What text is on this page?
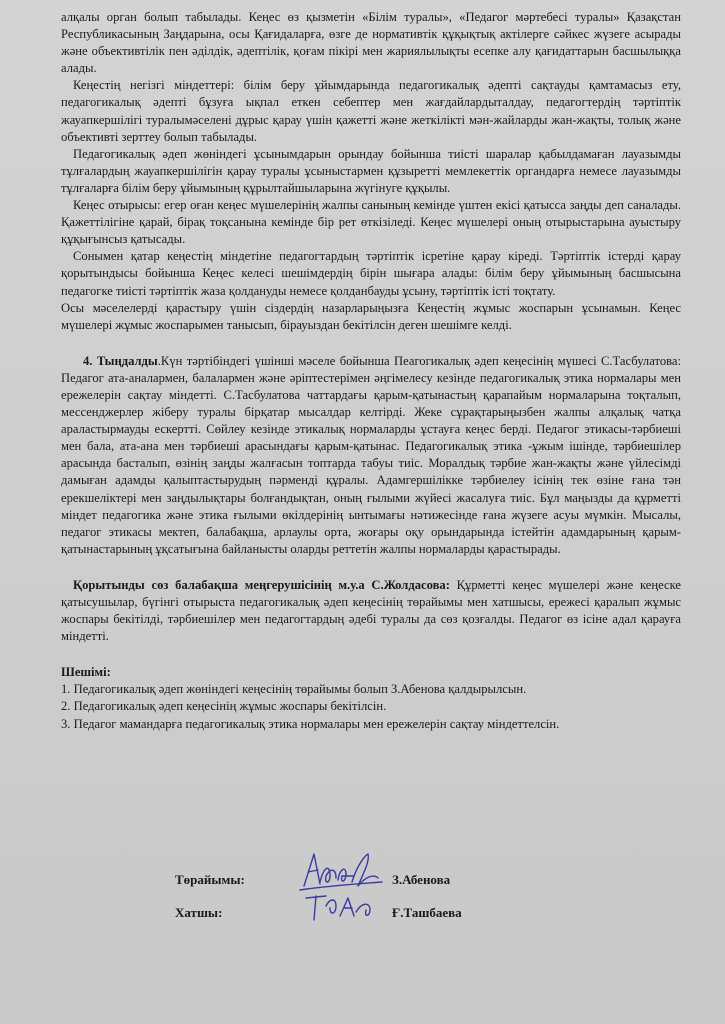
алқалы орган болып табылады. Кеңес өз қызметін «Білім туралы», «Педагог мәртебесі туралы» Қазақстан Республикасының Заңдарына, осы Қағидаларға, өзге де нормативтік құқықтық актілерге сәйкес жүзеге асырады және объективтілік пен әділдік, әдептілік, қоғам пікірі мен жариялылықты есепке алу қағидаттарын басшылыққа алады.

Кеңестің негізгі міндеттері: білім беру ұйымдарында педагогикалық әдепті сақтауды қамтамасыз ету, педагогикалық әдепті бұзуға ықпал еткен себептер мен жағдайлардыталдау, педагогтердің тәртіптік жауапкершілігі туралымәселені дұрыс қарау үшін қажетті және жеткілікті мән-жайларды жан-жақты, толық және объективті зерттеу болып табылады.

Педагогикалық әдеп жөніндегі ұсынымдарын орындау бойынша тиісті шаралар қабылдамаған лауазымды тұлғалардың жауапкершілігін қарау туралы ұсыныстармен құзыретті мемлекеттік органдарға немесе лауазымды тұлғаларға білім беру ұйымының құрылтайшыларына жүгінуге құқылы.

Кеңес отырысы: егер оған кеңес мүшелерінің жалпы санының кемінде үштен екісі қатысса заңды деп саналады. Қажеттілігіне қарай, бірақ тоқсанына кемінде бір рет өткізіледі. Кеңес мүшелері оның отырыстарына ауыстыру құқығынсыз қатысады.

Сонымен қатар кеңестің міндетіне педагогтардың тәртіптік ісретіне қарау кіреді. Тәртіптік істерді қарау қорытындысы бойынша Кеңес келесі шешімдердің бірін шығара алады: білім беру ұйымының басшысына педагогке тиісті тәртіптік жаза қолдануды немесе қолданбауды ұсыну, тәртіптік істі тоқтату.

Осы мәселелерді қарастыру үшін сіздердің назарларыңызға Кеңестің жұмыс жоспарын ұсынамын. Кеңес мүшелері жұмыс жоспарымен танысып, бірауыздан бекітілсін деген шешімге келді.

4. Тыңдалды.Күн тәртібіндегі үшінші мәселе бойынша Пеагогикалық әдеп кеңесінің мүшесі С.Тасбулатова: Педагог ата-аналармен, балалармен және әріптестерімен әңгімелесу кезінде педагогикалық этика нормалары мен ережелерін сақтау міндетті. С.Тасбулатова чаттардағы қарым-қатынастың қарапайым нормаларына тоқталып, мессенджерлер жіберу туралы бірқатар мысалдар келтірді. Жеке сұрақтарыңызбен жалпы алқалық чатқа араластырмауды ескертті. Сөйлеу кезінде этикалық нормаларды ұстауға кеңес берді. Педагог этикасы-тәрбиеші мен бала, ата-ана мен тәрбиеші арасындағы қарым-қатынас. Педагогикалық этика -ұжым ішінде, тәрбиешілер арасында басталып, өзінің заңды жалғасын топтарда табуы тиіс. Моралдық тәрбие жан-жақты және үйлесімді дамыған адамды қалыптастырудың пәрменді құралы. Адамгершілікке тәрбиелеу ісінің тек өзіне ғана тән ерекшеліктері мен заңдылықтары болғандықтан, оның ғылыми жүйесі жасалуға тиіс. Бұл маңызды да құрметті міндет педагогика және этика ғылыми өкілдерінің ынтымағы нәтижесінде ғана жүзеге асуы мүмкін. Мысалы, педагог этикасы мектеп, балабақша, арлаулы орта, жоғары оқу орындарында істейтін адамдарының қарым-қатынастарының ұқсатығына байланысты оларды реттетін жалпы нормаларды қарастырады.

Қорытынды сөз балабақша меңгерушісінің м.у.а С.Жолдасова: Құрметті кеңес мүшелері және кеңеске қатысушылар, бүгінгі отырыста педагогикалық әдеп кеңесінің төрайымы мен хатшысы, ережесі қаралып жұмыс жоспары бекітілді, тәрбиешілер мен педагогтардың әдебі туралы да сөз қозғалды. Педагог өз ісіне адал қарауға міндетті.

Шешімі:

1. Педагогикалық әдеп жөніндегі кеңесінің төрайымы болып З.Абенова қалдырылсын.

2. Педагогикалық әдеп кеңесінің жұмыс жоспары бекітілсін.

3. Педагог мамандарға педагогикалық этика нормалары мен ережелерін сақтау міндеттелсін.

Төрайымы:	З.Абенова
Хатшы:	Ғ.Ташбаева
